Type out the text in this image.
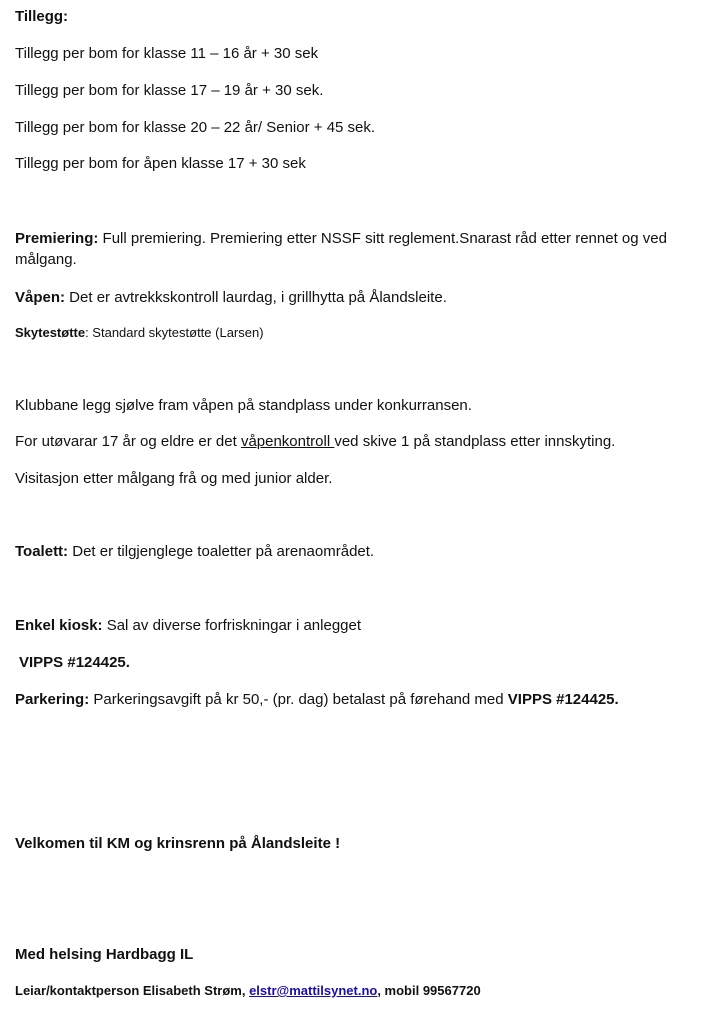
Tillegg:

Tillegg per bom for klasse 11 – 16 år + 30 sek

Tillegg per bom for klasse 17 – 19 år + 30 sek.

Tillegg per bom for klasse 20 – 22 år/ Senior + 45 sek.

Tillegg per bom for åpen klasse 17 + 30 sek

Premiering: Full premiering. Premiering etter NSSF sitt reglement.Snarast råd etter rennet og ved målgang.

Våpen: Det er avtrekkskontroll laurdag, i grillhytta på Ålandsleite.

Skytestøtte: Standard skytestøtte (Larsen)

Klubbane legg sjølve fram våpen på standplass under konkurransen.

For utøvarar 17 år og eldre er det våpenkontroll ved skive 1 på standplass etter innskyting.

Visitasjon etter målgang frå og med junior alder.

Toalett: Det er tilgjenglege toaletter på arenaområdet.

Enkel kiosk: Sal av diverse forfriskningar i anlegget

VIPPS #124425.

Parkering: Parkeringsavgift på kr 50,- (pr. dag) betalast på førehand med VIPPS #124425.

Velkomen til KM og krinsrenn på Ålandsleite !

Med helsing Hardbagg IL

Leiar/kontaktperson Elisabeth Strøm, elstr@mattilsynet.no, mobil 99567720
